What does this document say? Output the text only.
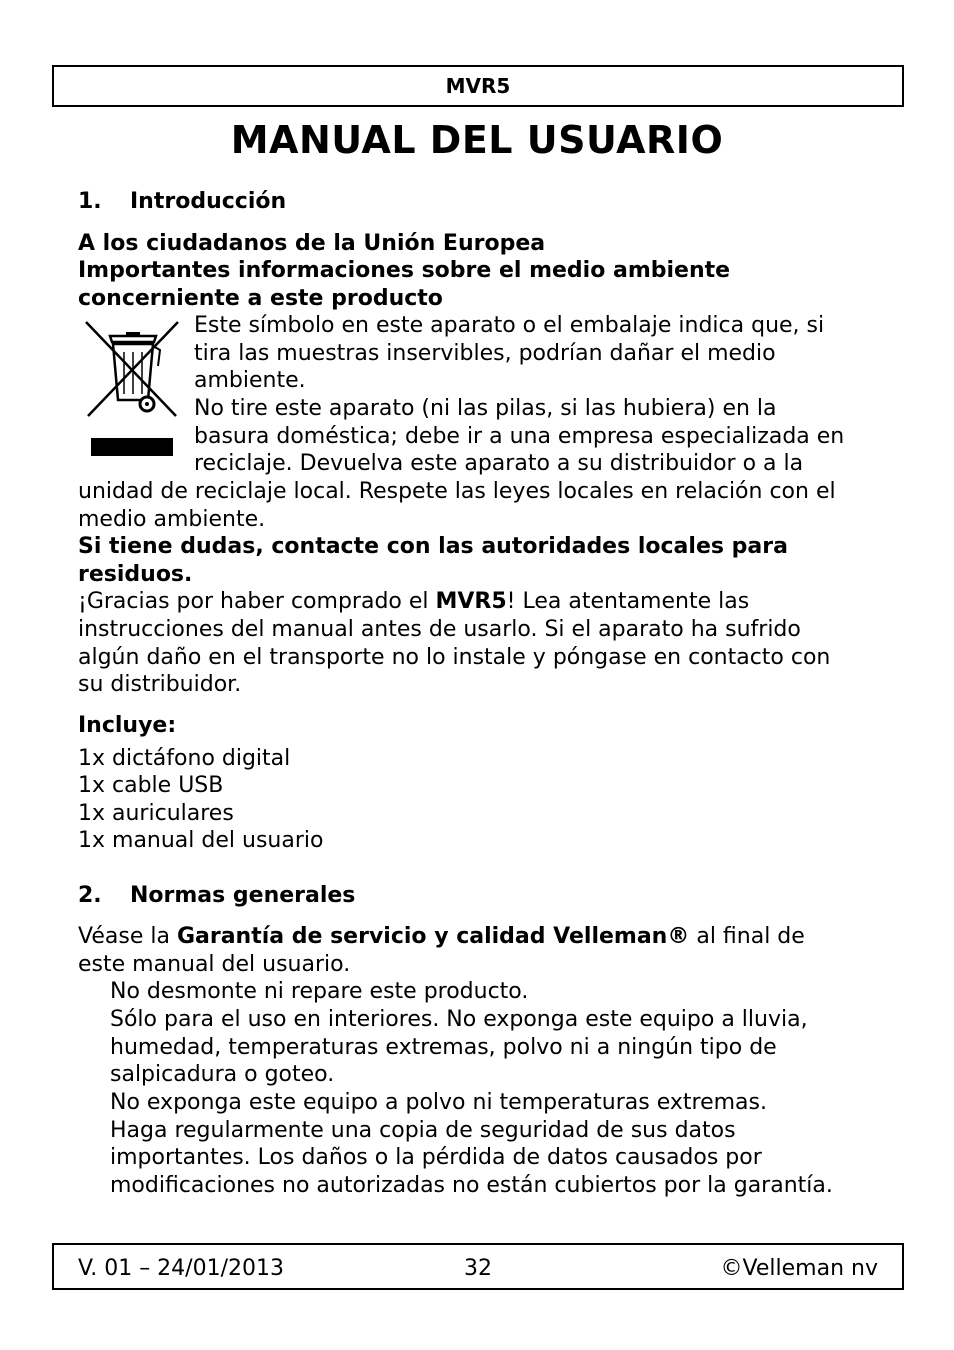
MVR5
MANUAL DEL USUARIO
1. Introducción
A los ciudadanos de la Unión Europea
Importantes informaciones sobre el medio ambiente
concerniente a este producto
Este símbolo en este aparato o el embalaje indica que, si
tira las muestras inservibles, podrían dañar el medio
ambiente.
No tire este aparato (ni las pilas, si las hubiera) en la
basura doméstica; debe ir a una empresa especializada en
reciclaje. Devuelva este aparato a su distribuidor o a la
unidad de reciclaje local. Respete las leyes locales en relación con el
medio ambiente.
Si tiene dudas, contacte con las autoridades locales para
residuos.
¡Gracias por haber comprado el MVR5! Lea atentamente las
instrucciones del manual antes de usarlo. Si el aparato ha sufrido
algún daño en el transporte no lo instale y póngase en contacto con
su distribuidor.
Incluye:
1x dictáfono digital
1x cable USB
1x auriculares
1x manual del usuario
2. Normas generales
Véase la Garantía de servicio y calidad Velleman® al final de
este manual del usuario.
No desmonte ni repare este producto.
Sólo para el uso en interiores. No exponga este equipo a lluvia,
humedad, temperaturas extremas, polvo ni a ningún tipo de
salpicadura o goteo.
No exponga este equipo a polvo ni temperaturas extremas.
Haga regularmente una copia de seguridad de sus datos
importantes. Los daños o la pérdida de datos causados por
modificaciones no autorizadas no están cubiertos por la garantía.
V. 01 – 24/01/2013	32	©Velleman nv
